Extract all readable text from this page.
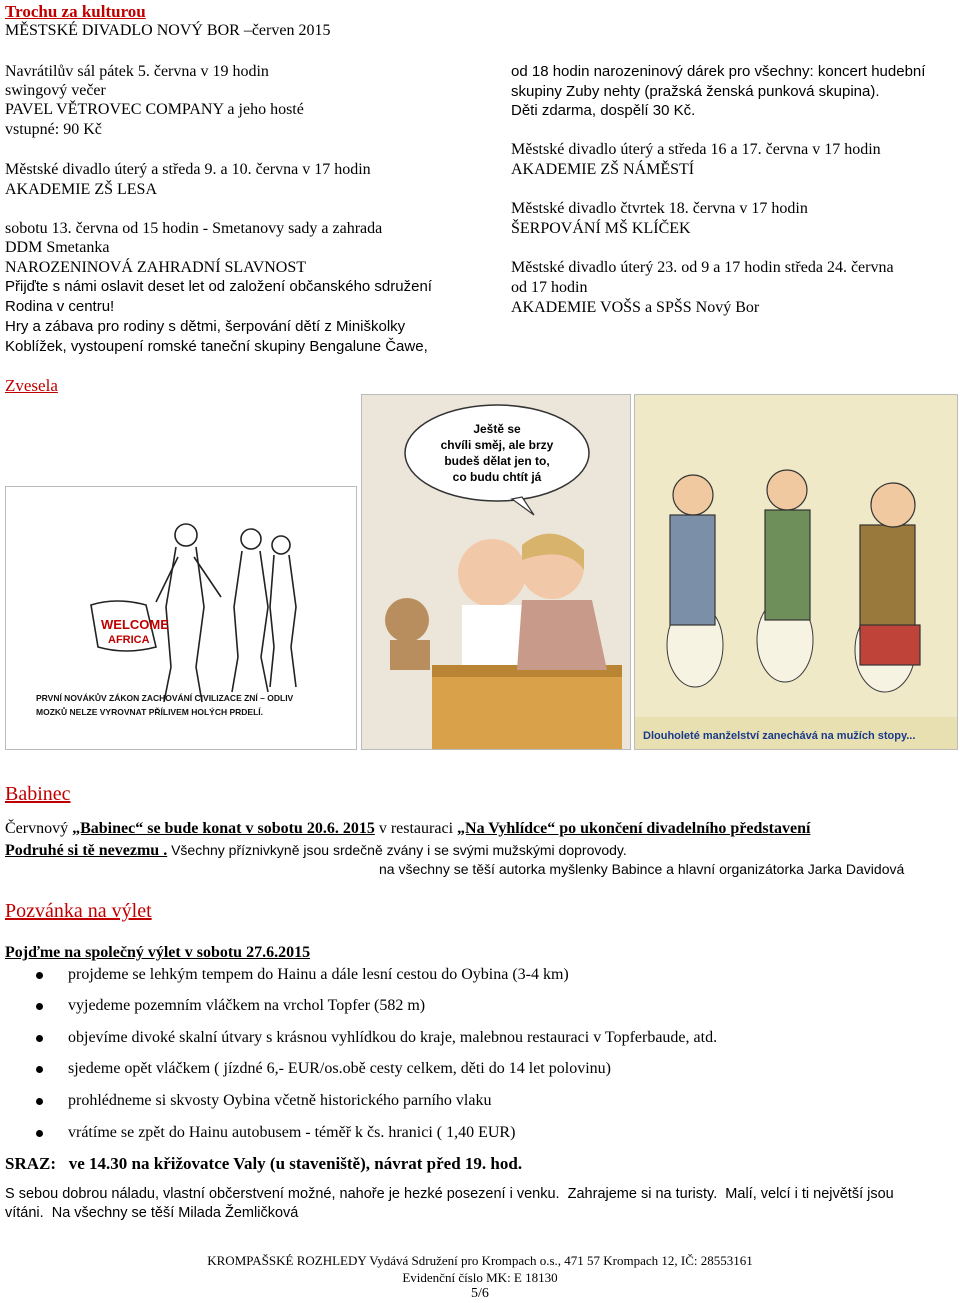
Trochu za kulturou
MĚSTSKÉ DIVADLO NOVÝ BOR –červen 2015
Navrátilův sál pátek 5. června v 19 hodin
swingový večer
PAVEL VĚTROVEC COMPANY a jeho hosté
vstupné: 90 Kč
Městské divadlo úterý a středa 9. a 10. června v 17 hodin
AKADEMIE ZŠ LESA
sobotu 13. června od 15 hodin - Smetanovy sady a zahrada
DDM Smetanka
NAROZENINOVÁ ZAHRADNÍ SLAVNOST
Přijďte s námi oslavit deset let od založení občanského sdružení
Rodina v centru!
Hry a zábava pro rodiny s dětmi, šerpování dětí z Miniškolky
Koblížek, vystoupení romské taneční skupiny Bengalune Čawe,
od 18 hodin narozeninový dárek pro všechny: koncert hudební
skupiny Zuby nehty (pražská ženská punková skupina).
Děti zdarma, dospělí 30 Kč.
Městské divadlo úterý a středa 16 a 17. června v 17 hodin
AKADEMIE ZŠ NÁMĚSTÍ
Městské divadlo čtvrtek 18. června v 17 hodin
ŠERPOVÁNÍ MŠ KLÍČEK
Městské divadlo úterý 23. od 9 a 17 hodin středa 24. června
od 17 hodin
AKADEMIE VOŠS a SPŠS Nový Bor
Zvesela
WELCOME
AFRICA
PRVNÍ NOVÁKŮV ZÁKON ZACHOVÁNÍ CIVILIZACE ZNÍ – ODLIV
MOZKŮ NELZE VYROVNAT PŘÍLIVEM HOLÝCH PRDELÍ.
Ještě se
chvíli směj, ale brzy
budeš dělat jen to,
co budu chtít já
Dlouholeté manželství zanechává na mužích stopy...
Babinec
Červnový „Babinec“ se bude konat v sobotu 20.6. 2015 v restauraci „Na Vyhlídce“ po ukončení divadelního představení
Podruhé si tě nevezmu . Všechny příznivkyně jsou srdečně zvány i se svými mužskými doprovody.
na všechny se těší autorka myšlenky Babince a hlavní organizátorka Jarka Davidová
Pozvánka na výlet
Pojďme na společný výlet v sobotu 27.6.2015
projdeme se lehkým tempem do Hainu a dále lesní cestou do Oybina (3-4 km)
vyjedeme pozemním vláčkem na vrchol Topfer (582 m)
objevíme divoké skalní útvary s krásnou vyhlídkou do kraje, malebnou restauraci v Topferbaude, atd.
sjedeme opět vláčkem ( jízdné 6,- EUR/os.obě cesty celkem, děti do 14 let polovinu)
prohlédneme si skvosty Oybina včetně historického parního vlaku
vrátíme se zpět do Hainu autobusem - téměř k čs. hranici ( 1,40 EUR)
SRAZ:   ve 14.30 na křižovatce Valy (u staveniště), návrat před 19. hod.
S sebou dobrou náladu, vlastní občerstvení možné, nahoře je hezké posezení i venku.  Zahrajeme si na turisty.  Malí, velcí i ti největší jsou
vítáni.  Na všechny se těší Milada Žemličková
KROMPAŠSKÉ ROZHLEDY Vydává Sdružení pro Krompach o.s., 471 57 Krompach 12, IČ: 28553161
Evidenční číslo MK: E 18130
5/6
